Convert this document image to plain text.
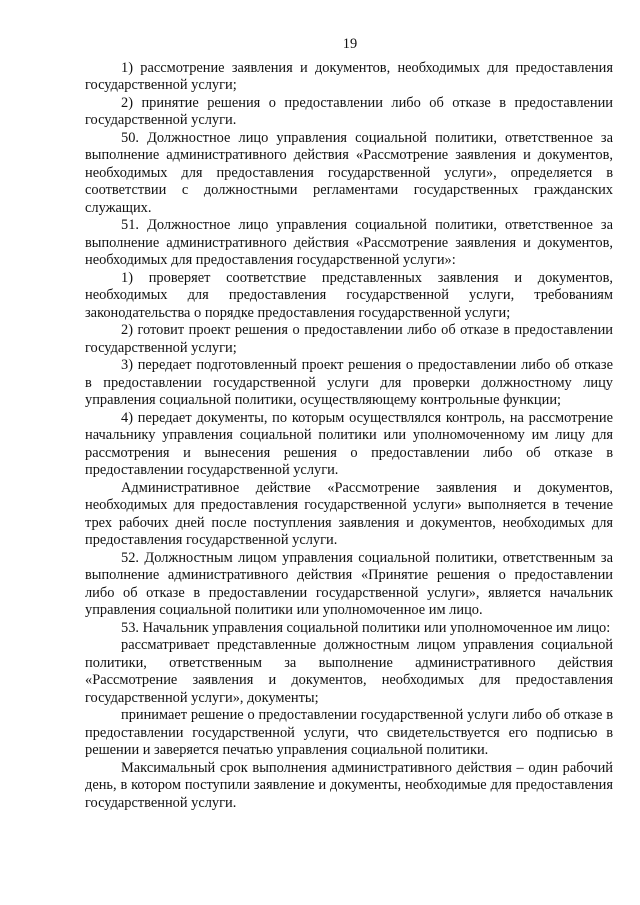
19

1) рассмотрение заявления и документов, необходимых для предоставления государственной услуги;

2) принятие решения о предоставлении либо об отказе в предоставлении государственной услуги.

50. Должностное лицо управления социальной политики, ответственное за выполнение административного действия «Рассмотрение заявления и документов, необходимых для предоставления государственной услуги», определяется в соответствии с должностными регламентами государственных гражданских служащих.

51. Должностное лицо управления социальной политики, ответственное за выполнение административного действия «Рассмотрение заявления и документов, необходимых для предоставления государственной услуги»:

1) проверяет соответствие представленных заявления и документов, необходимых для предоставления государственной услуги, требованиям законодательства о порядке предоставления государственной услуги;

2) готовит проект решения о предоставлении либо об отказе в предоставлении государственной услуги;

3) передает подготовленный проект решения о предоставлении либо об отказе в предоставлении государственной услуги для проверки должностному лицу управления социальной политики, осуществляющему контрольные функции;

4) передает документы, по которым осуществлялся контроль, на рассмотрение начальнику управления социальной политики или уполномоченному им лицу для рассмотрения и вынесения решения о предоставлении либо об отказе в предоставлении государственной услуги.

Административное действие «Рассмотрение заявления и документов, необходимых для предоставления государственной услуги» выполняется в течение трех рабочих дней после поступления заявления и документов, необходимых для предоставления государственной услуги.

52. Должностным лицом управления социальной политики, ответственным за выполнение административного действия «Принятие решения о предоставлении либо об отказе в предоставлении государственной услуги», является начальник управления социальной политики или уполномоченное им лицо.

53. Начальник управления социальной политики или уполномоченное им лицо:

рассматривает представленные должностным лицом управления социальной политики, ответственным за выполнение административного действия «Рассмотрение заявления и документов, необходимых для предоставления государственной услуги», документы;

принимает решение о предоставлении государственной услуги либо об отказе в предоставлении государственной услуги, что свидетельствуется его подписью в решении и заверяется печатью управления социальной политики.

Максимальный срок выполнения административного действия – один рабочий день, в котором поступили заявление и документы, необходимые для предоставления государственной услуги.
